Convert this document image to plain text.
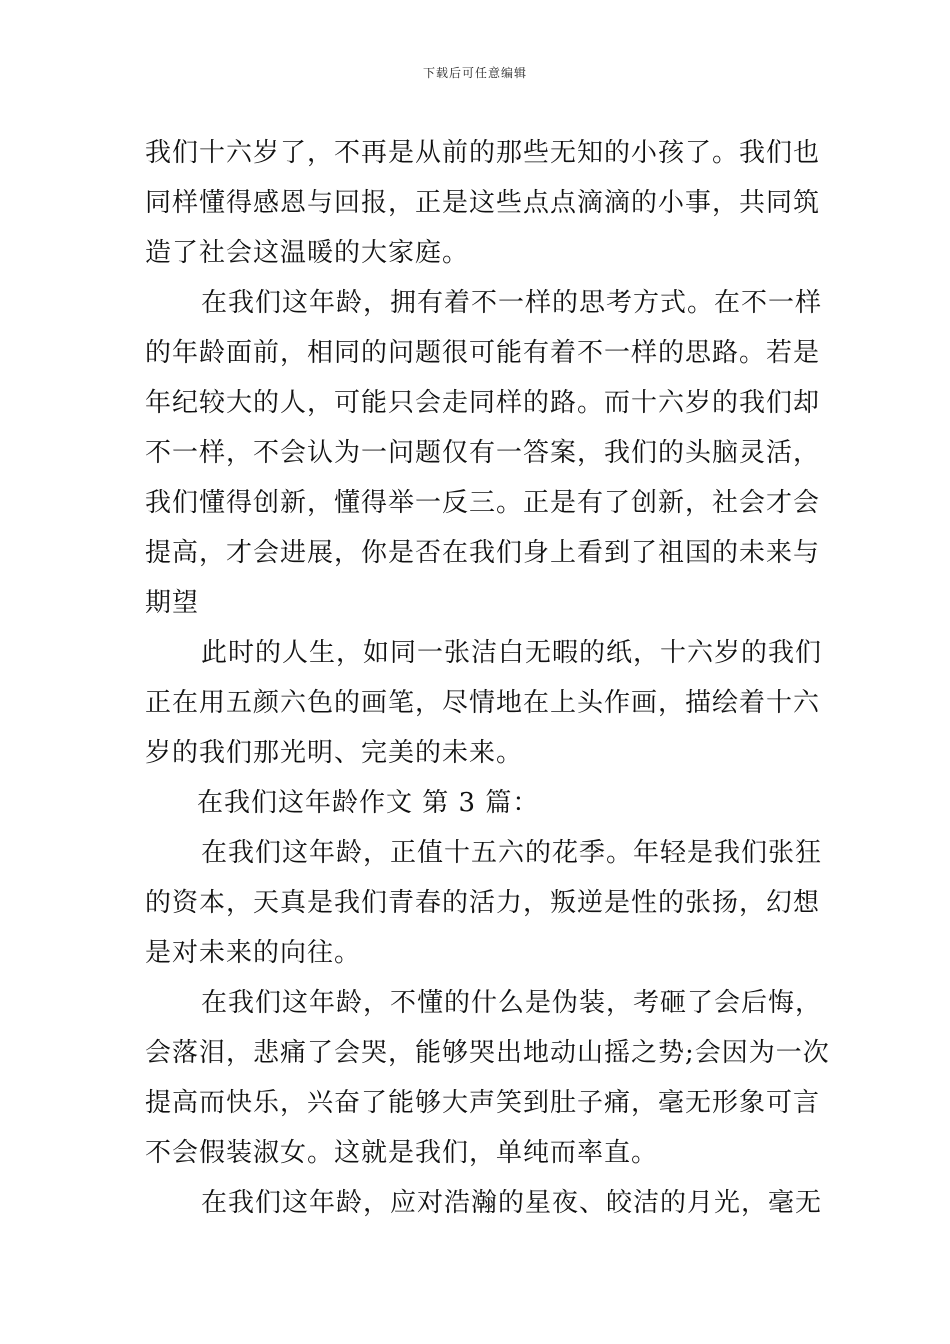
下载后可任意编辑
我们十六岁了，不再是从前的那些无知的小孩了。我们也
同样懂得感恩与回报，正是这些点点滴滴的小事，共同筑
造了社会这温暖的大家庭。
在我们这年龄，拥有着不一样的思考方式。在不一样
的年龄面前，相同的问题很可能有着不一样的思路。若是
年纪较大的人，可能只会走同样的路。而十六岁的我们却
不一样，不会认为一问题仅有一答案，我们的头脑灵活，
我们懂得创新，懂得举一反三。正是有了创新，社会才会
提高，才会进展，你是否在我们身上看到了祖国的未来与
期望
此时的人生，如同一张洁白无暇的纸，十六岁的我们
正在用五颜六色的画笔，尽情地在上头作画，描绘着十六
岁的我们那光明、完美的未来。
在我们这年龄作文 第 3 篇：
在我们这年龄，正值十五六的花季。年轻是我们张狂
的资本，天真是我们青春的活力，叛逆是性的张扬，幻想
是对未来的向往。
在我们这年龄，不懂的什么是伪装，考砸了会后悔，
会落泪，悲痛了会哭，能够哭出地动山摇之势;会因为一次
提高而快乐，兴奋了能够大声笑到肚子痛，毫无形象可言
不会假装淑女。这就是我们，单纯而率直。
在我们这年龄，应对浩瀚的星夜、皎洁的月光，毫无
